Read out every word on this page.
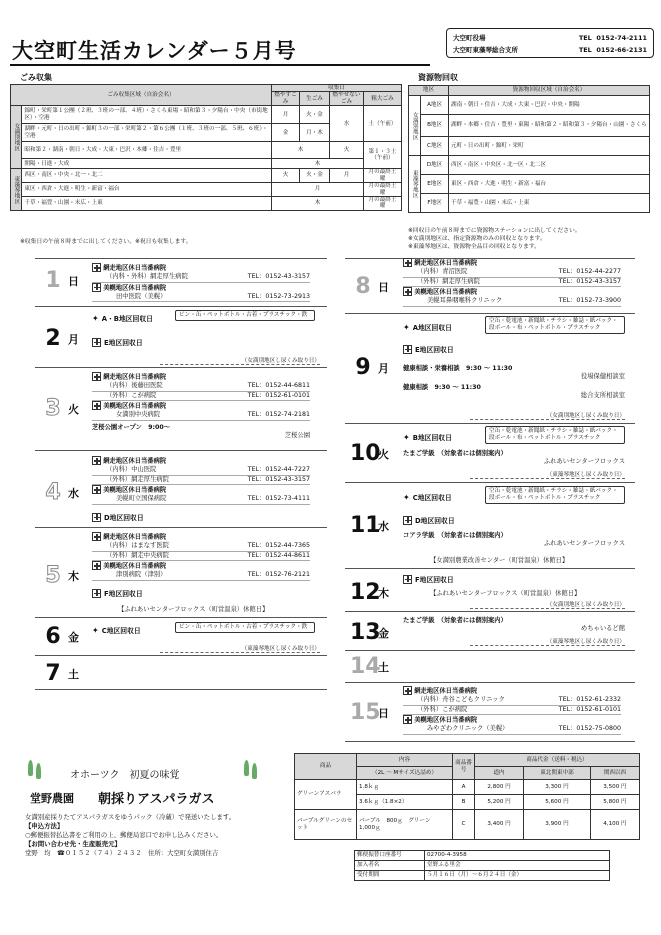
大空町生活カレンダー５月号
大空町役場	TEL 0152-74-2111
大空町東藻琴総合支所	TEL 0152-66-2131
ごみ収集
ごみ収集区域（自治会名）		収集日			
		燃やすごみ	生ごみ	燃やせないごみ	粗大ごみ
女満別地区	錦町・栄町第１公團（２班、３班の一部、４班）・さくら東場・昭和第３・夕陽台・中央（市街地区）・空港	月	火・金	水	土（午前）
	湖畔・元町・日の出町・錦町３の一部・栄町第２・第６公團（１班、３班の一部、５班、６班）・空港	金	月・木		
	昭和第２・湖南・朝日・大成・大東・巴沢・本郷・住吉・豊里	木		火	第１・３土（午前）
	開陽・日進・大成	木			
東藻琴地区	西区・南区・中央・北一・北二	火	火・金	月	月の最終土曜
	東区・西倉・大進・明生・新富・福台	月			月の最終土曜
	千草・福豊・山園・末広・上東	木			月の最終土曜
※収集日の午前８時までに出してください。※祝日も収集します。
資源物回収
地区		資源物回収区域（自治会名）
女満別地区	A地区	湖南・朝日・住吉・大成・大東・巴沢・中央・開陽
	B地区	湖畔・本郷・住吉・豊里・東陽・昭和第２・昭和第３・夕陽台・山園・さくら
	C地区	元町・日の出町・錦町・栄町
東藻琴地区	D地区	西区・南区・中央区・北一区・北二区
	E地区	東区・西倉・大進・明生・新富・福台
	F地区	千草・福豊・山園・末広・上東
※回収日の午前８時までに資源物ステーションに出してください。
※女満別地区は、指定資源物のみの回収となります。
※東藻琴地区は、資源物全品目の回収となります。
1 日
網走地区休日当番病院
（内科・外科）網走厚生病院	TEL：0152-43-3157
美幌地区休日当番病院
田中医院（美幌）	TEL：0152-73-2913
2 月
✦ A・B地区回収日	ビン・缶・ペットボトル・古着・プラスチック・鉄
E地区回収日
（女満別地区し尿くみ取り日）
3 火
網走地区休日当番病院
（内科）後藤田医院	TEL：0152-44-6811
（外科）こが病院	TEL：0152-61-0101
美幌地区休日当番病院
女満別中央病院	TEL：0152-74-2181
芝桜公園オープン　9:00～
芝桜公園
4 水
網走地区休日当番病院
（内科）中山医院	TEL：0152-44-7227
（外科）網走厚生病院	TEL：0152-43-3157
美幌地区休日当番病院
美幌町立国保病院	TEL：0152-73-4111
D地区回収日
5 木
網走地区休日当番病院
（内科）はまなす医院	TEL：0152-44-7365
（外科）網走中央病院	TEL：0152-44-8611
美幌地区休日当番病院
津別病院（津別）	TEL：0152-76-2121
F地区回収日
【ふれあいセンターフロックス（町営温泉）休館日】
6 金
✦ C地区回収日	ビン・缶・ペットボトル・古着・プラスチック・鉄
（東藻琴地区し尿くみ取り日）
7 土
8 日
網走地区休日当番病院
（内科）青沼医院	TEL：0152-44-2277
（外科）網走厚生病院	TEL：0152-43-3157
美幌地区休日当番病院
美幌耳鼻咽喉科クリニック	TEL：0152-73-3900
9 月
✦ A地区回収日
空缶・乾電池・新聞紙・チラシ・雑誌・紙パック・段ボール・布・ペットボトル・プラスチック
E地区回収日
健康相談・栄養相談　9:30 ～ 11:30
役場保健相談室
健康相談　9:30 ～ 11:30
総合支所相談室
（女満別地区し尿くみ取り日）
10
火
✦ B地区回収日
空缶・乾電池・新聞紙・チラシ・雑誌・紙パック・段ボール・布・ペットボトル・プラスチック
たまご学級　（対象者には個別案内）
ふれあいセンターフロックス
（東藻琴地区し尿くみ取り日）
11
水
✦ C地区回収日
空缶・乾電池・新聞紙・チラシ・雑誌・紙パック・段ボール・布・ペットボトル・プラスチック
D地区回収日
コアラ学級　（対象者には個別案内）
ふれあいセンターフロックス
【女満別農業改善センター（町営温泉）休館日】
12
木
F地区回収日
【ふれあいセンターフロックス（町営温泉）休館日】
（女満別地区し尿くみ取り日）
13
金
たまご学級　（対象者には個別案内）
めちゃいるど館
（東藻琴地区し尿くみ取り日）
14
土
15
日
網走地区休日当番病院
（内科）舟谷こどもクリニック	TEL：0152-61-2332
（外科）こが病院	TEL：0152-61-0101
美幌地区休日当番病院
みやざわクリニック（美幌）	TEL：0152-75-0800
オホーツク　初夏の味覚
堂野農園 朝採りアスパラガス
女満別産採りたてアスパラガスをゆうパック（冷蔵）で発送いたします。
【申込方法】
○郵便振替払込書をご利用の上、郵便局窓口でお申し込みください。
【お問い合わせ先・生産販売元】
堂野　均　☎０１５２（７４）２４３２　住所：大空町女満別住吉
商品	内容	商品番号	商品代金（送料・税込）		
	（2L ～ Mサイズ込詰め）		道内	東北関東中部	関西以西
グリーンアスパラ	1.8ｋｇ	A	2,800 円	3,300 円	3,500 円
	3.6ｋｇ（1.8×2）	B	5,200 円	5,600 円	5,800 円
パープルグリーンのセット	パープル　800ｇ　グリーン　1,000ｇ	C	3,400 円	3,900 円	4,100 円
郵便振替口座番号	02700-4-3958
加入者名	堂野ふる里会
受付期間	５月１６日（月）～６月２４日（金）
